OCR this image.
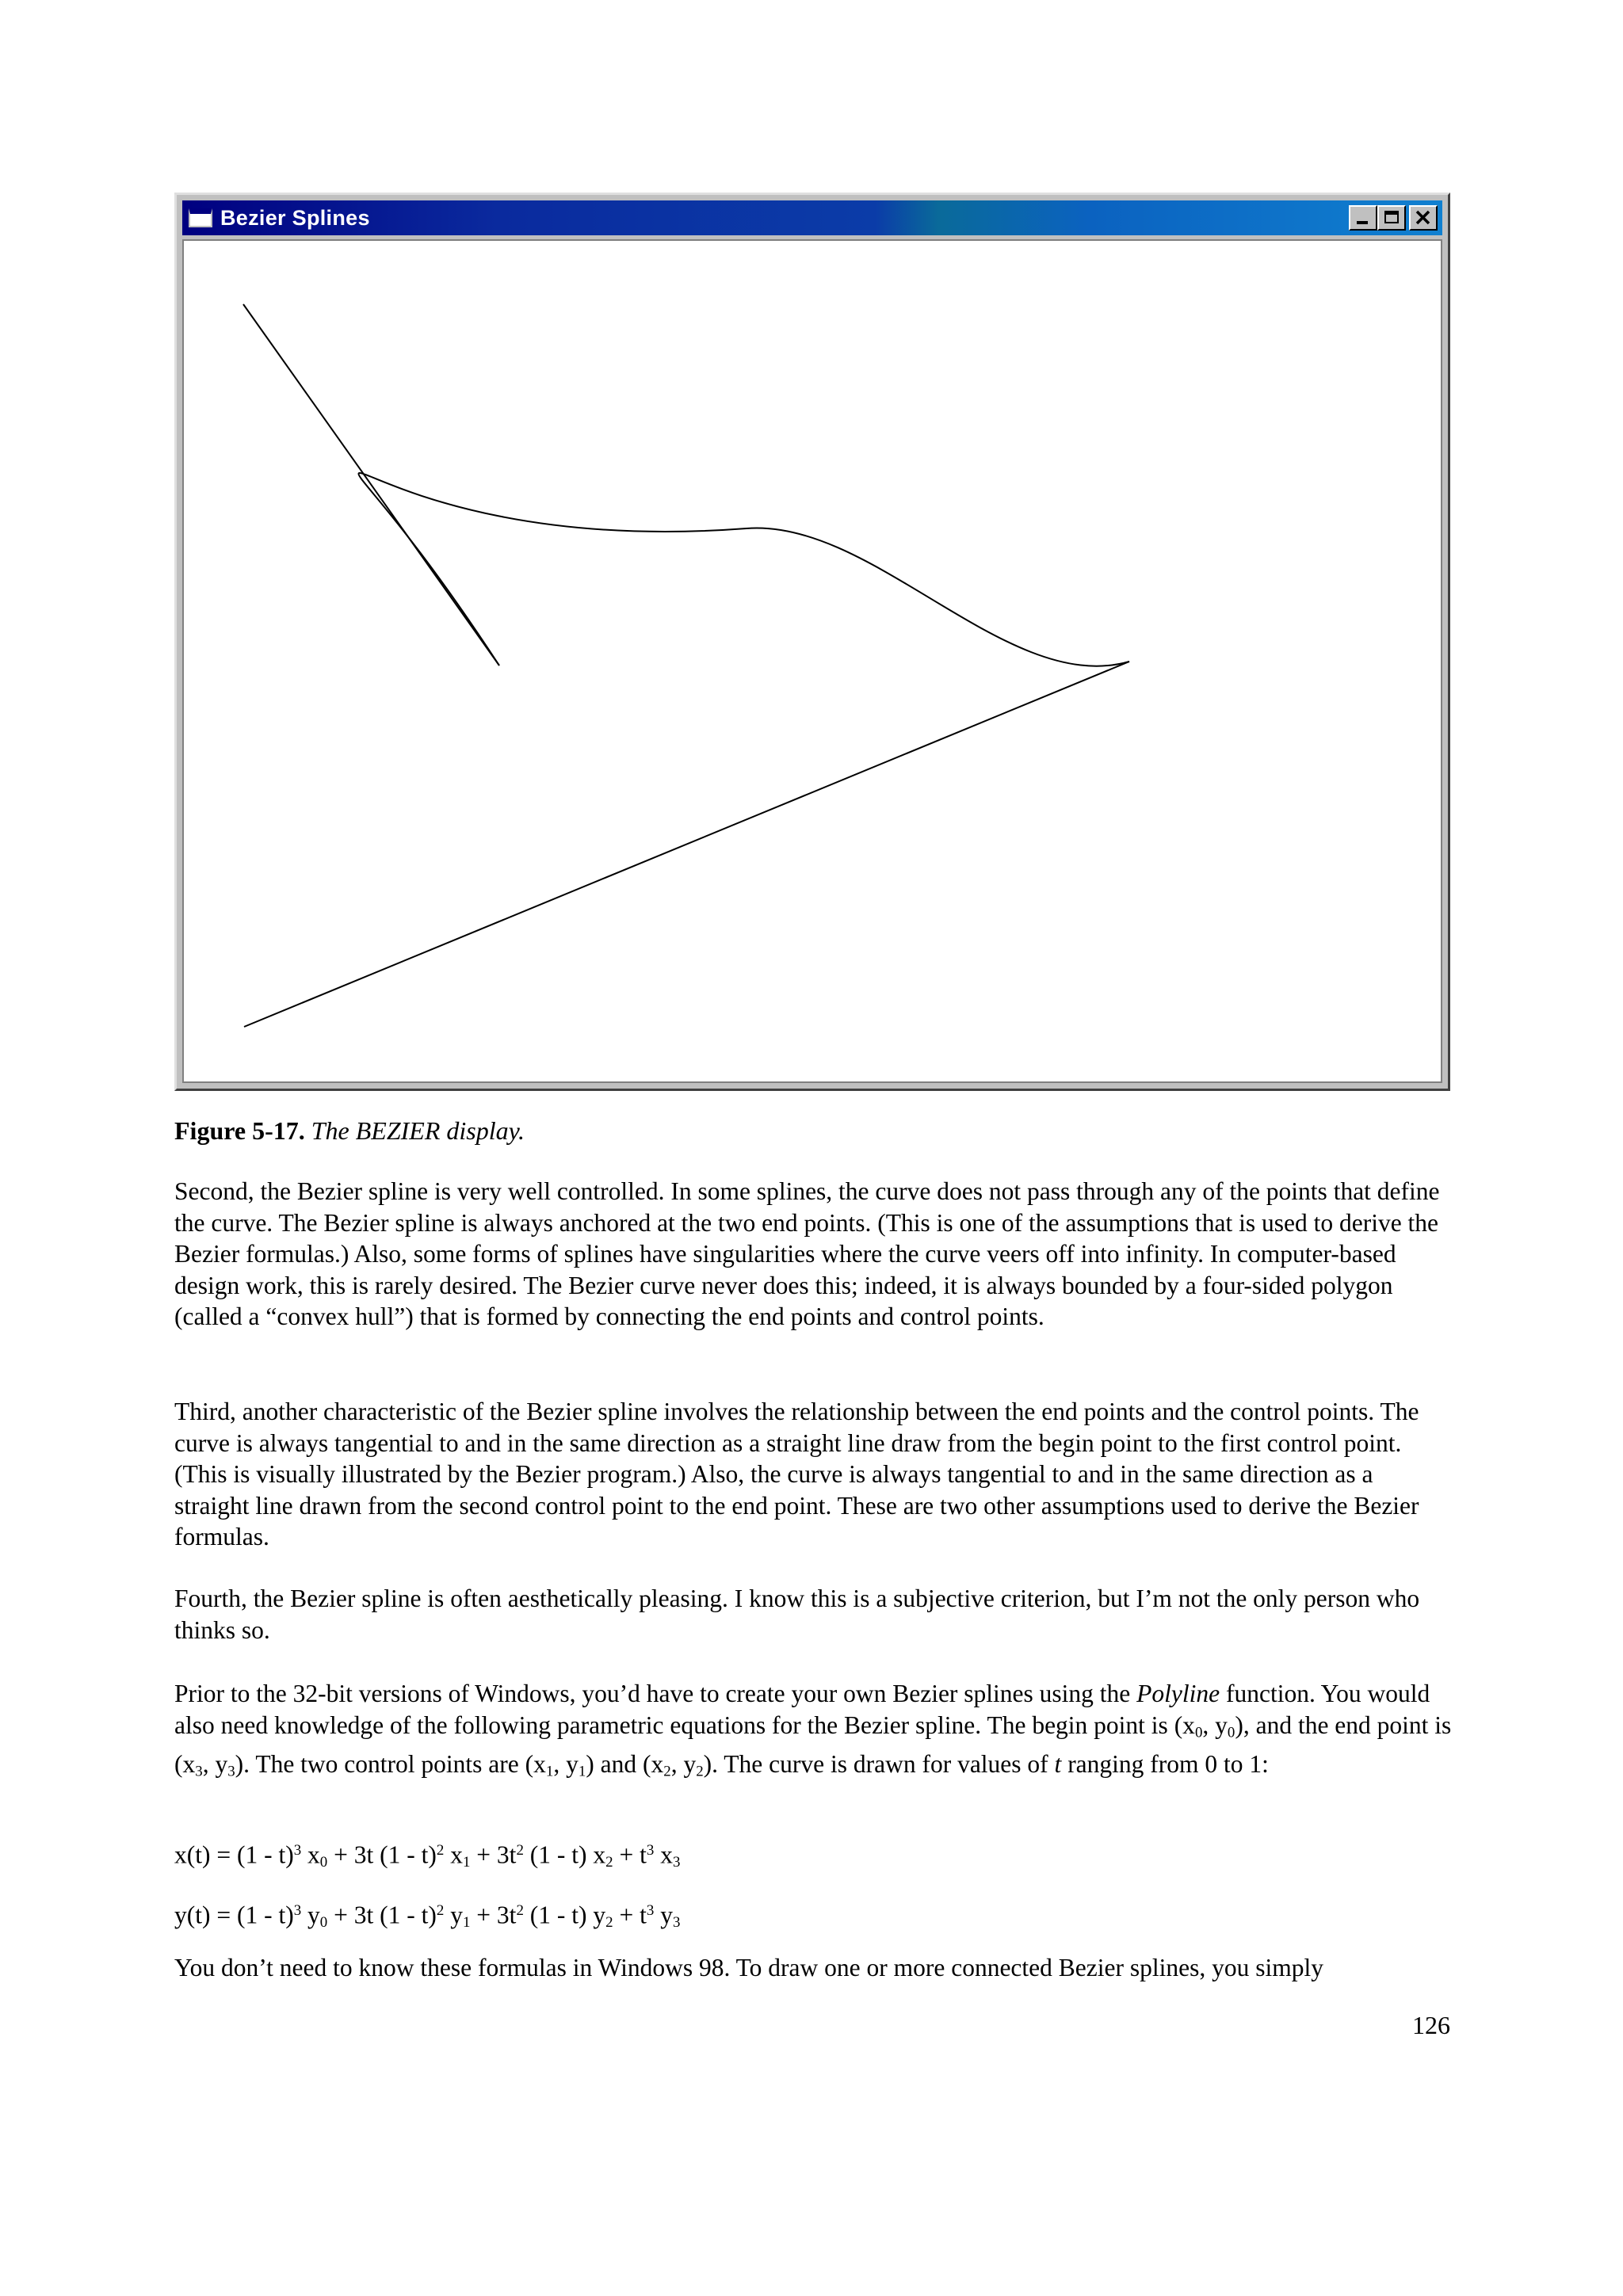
Bezier Splines
Figure 5-17. The BEZIER display.
Second, the Bezier spline is very well controlled. In some splines, the curve does not pass through any of the points that define the curve. The Bezier spline is always anchored at the two end points. (This is one of the assumptions that is used to derive the Bezier formulas.) Also, some forms of splines have singularities where the curve veers off into infinity. In computer-based design work, this is rarely desired. The Bezier curve never does this; indeed, it is always bounded by a four-sided polygon (called a “convex hull”) that is formed by connecting the end points and control points.
Third, another characteristic of the Bezier spline involves the relationship between the end points and the control points. The curve is always tangential to and in the same direction as a straight line draw from the begin point to the first control point. (This is visually illustrated by the Bezier program.) Also, the curve is always tangential to and in the same direction as a straight line drawn from the second control point to the end point. These are two other assumptions used to derive the Bezier formulas.
Fourth, the Bezier spline is often aesthetically pleasing. I know this is a subjective criterion, but I’m not the only person who thinks so.
Prior to the 32-bit versions of Windows, you’d have to create your own Bezier splines using the Polyline function. You would also need knowledge of the following parametric equations for the Bezier spline. The begin point is ($x_0$, $y_0$), and the end point is ($x_3$, $y_3$). The two control points are ($x_1$, $y_1$) and ($x_2$, $y_2$). The curve is drawn for values of t ranging from 0 to 1:
x(t) = (1 - t)$^3$ $x_0 + 3t$ (1 - t)$^2$ $x_1 + 3t^2$ (1 - t) $x_2 + t^3$ $x_3$
y(t) = (1 - t)$^3$ $y_0 + 3t$ (1 - t)$^2$ $y_1 + 3t^2$ (1 - t) $y_2 + t^3$ $y_3$
You don’t need to know these formulas in Windows 98. To draw one or more connected Bezier splines, you simply
126
